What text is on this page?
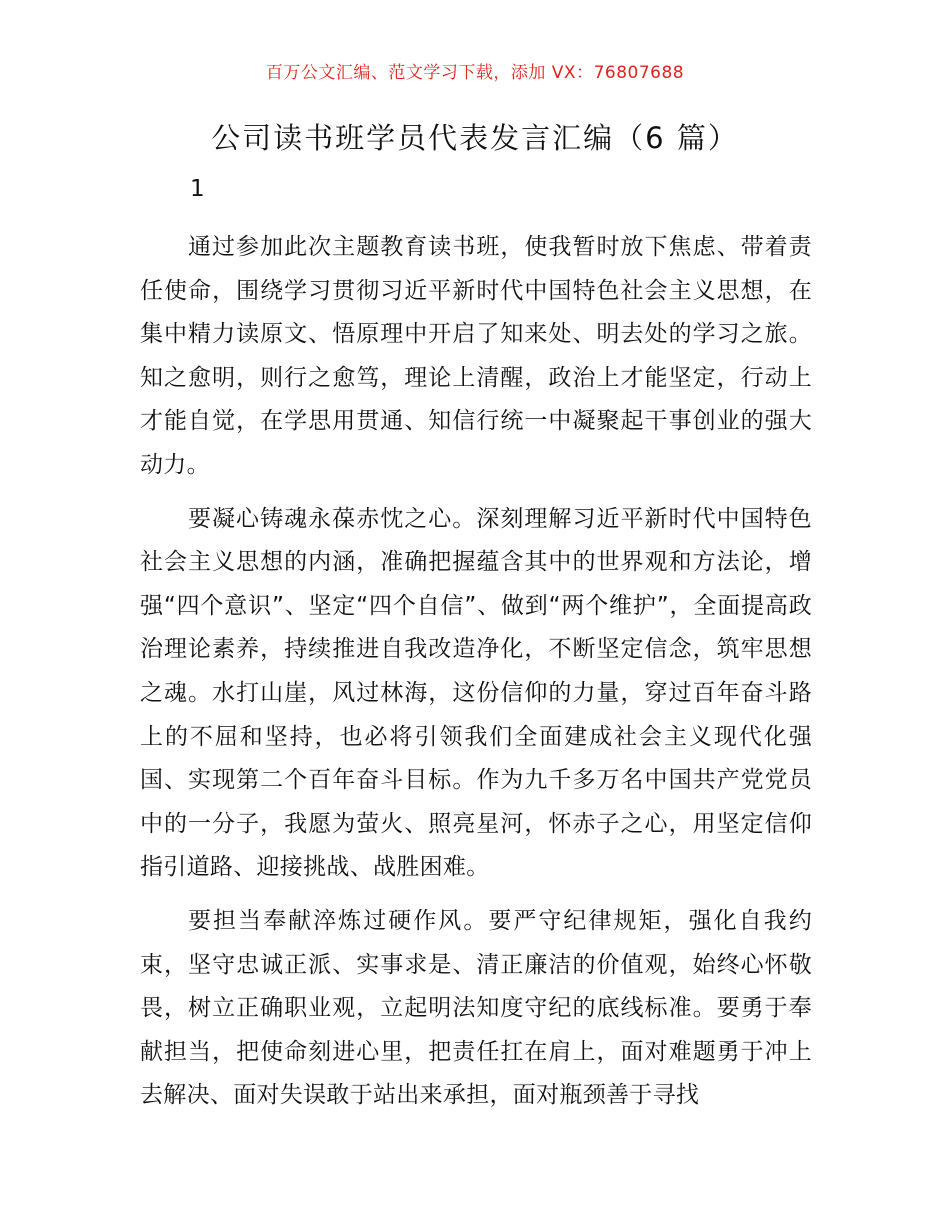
百万公文汇编、范文学习下载，添加 VX：76807688
公司读书班学员代表发言汇编（6 篇）
1

通过参加此次主题教育读书班，使我暂时放下焦虑、带着责任使命，围绕学习贯彻习近平新时代中国特色社会主义思想，在集中精力读原文、悟原理中开启了知来处、明去处的学习之旅。知之愈明，则行之愈笃，理论上清醒，政治上才能坚定，行动上才能自觉，在学思用贯通、知信行统一中凝聚起干事创业的强大动力。

要凝心铸魂永葆赤忱之心。深刻理解习近平新时代中国特色社会主义思想的内涵，准确把握蕴含其中的世界观和方法论，增强“四个意识”、坚定“四个自信”、做到“两个维护”，全面提高政治理论素养，持续推进自我改造净化，不断坚定信念，筑牢思想之魂。水打山崖，风过林海，这份信仰的力量，穿过百年奋斗路上的不屈和坚持，也必将引领我们全面建成社会主义现代化强国、实现第二个百年奋斗目标。作为九千多万名中国共产党党员中的一分子，我愿为萤火、照亮星河，怀赤子之心，用坚定信仰指引道路、迎接挑战、战胜困难。

要担当奉献淬炼过硬作风。要严守纪律规矩，强化自我约束，坚守忠诚正派、实事求是、清正廉洁的价值观，始终心怀敬畏，树立正确职业观，立起明法知度守纪的底线标准。要勇于奉献担当，把使命刻进心里，把责任扛在肩上，面对难题勇于冲上去解决、面对失误敢于站出来承担，面对瓶颈善于寻找
